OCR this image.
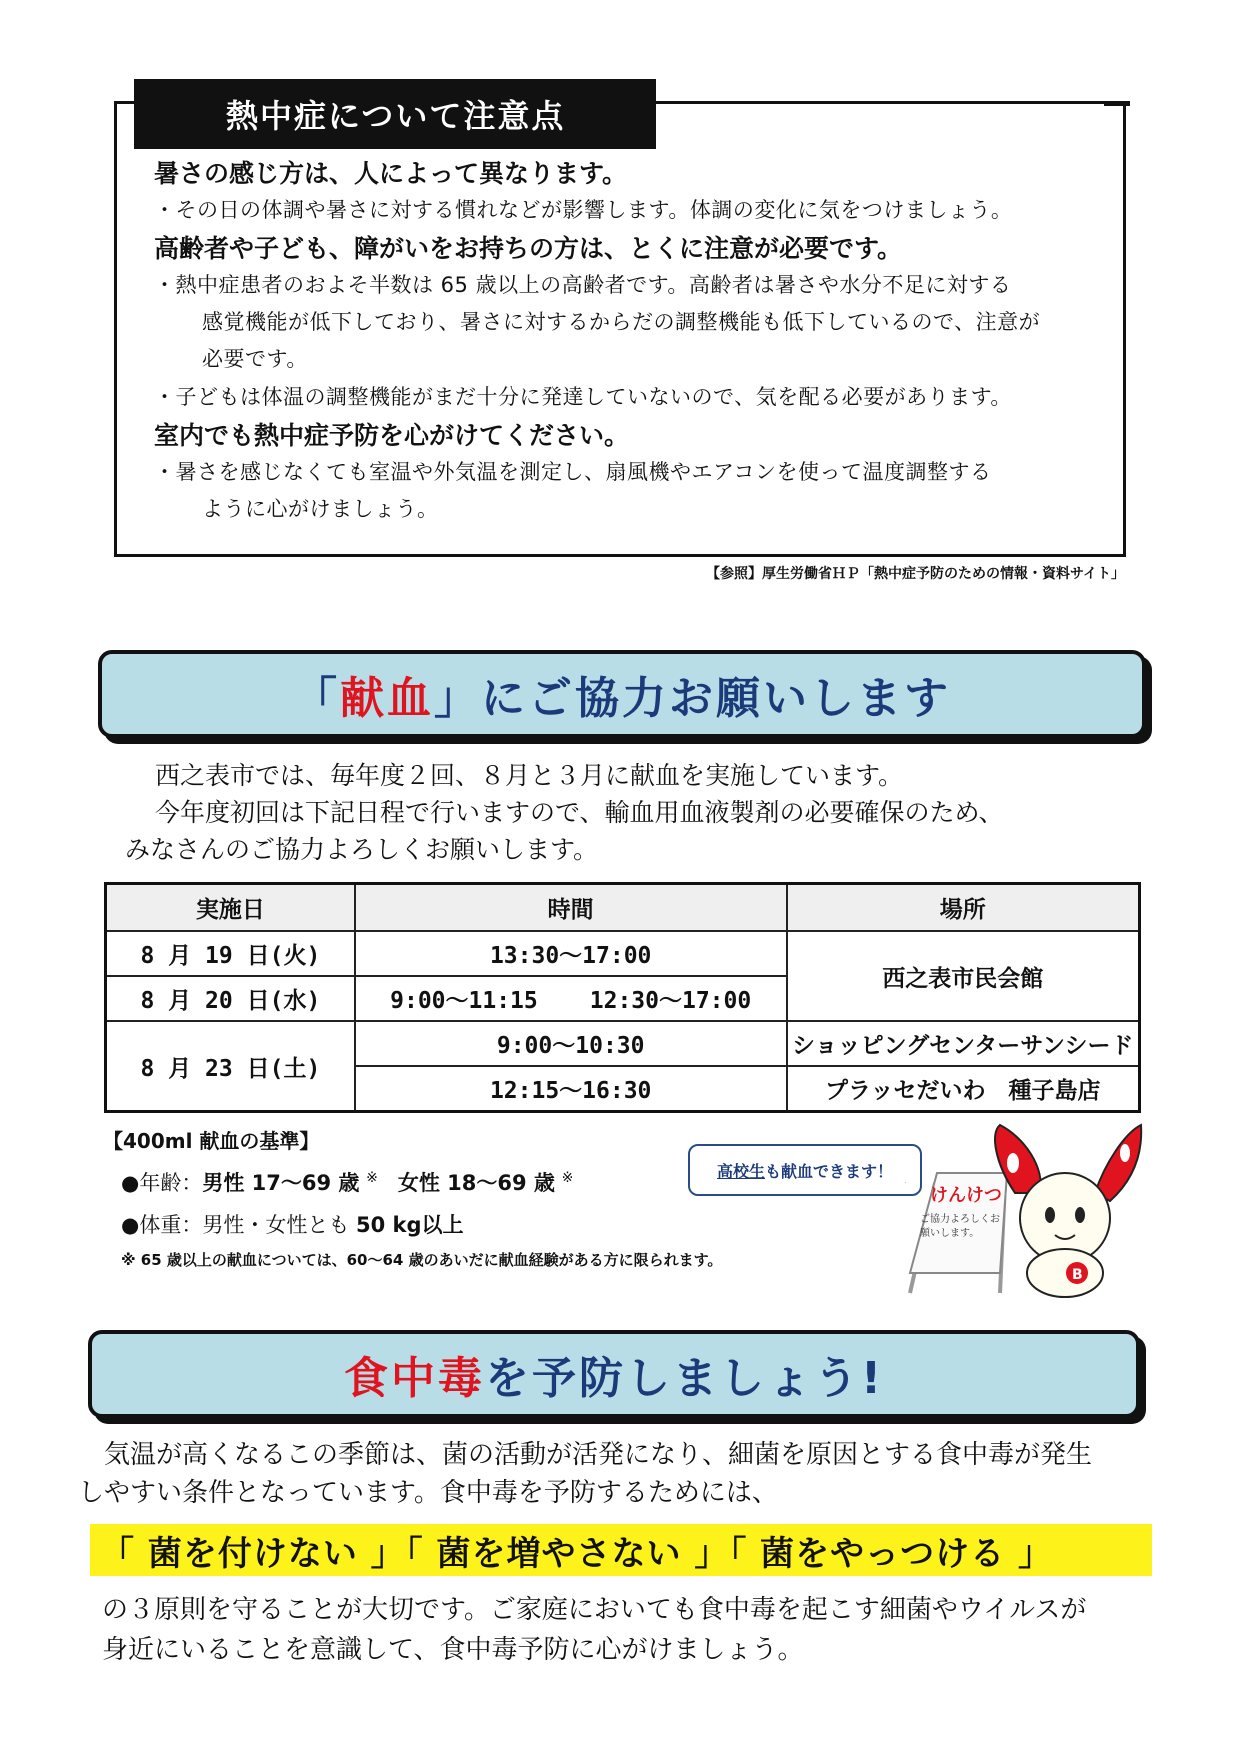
熱中症について注意点

暑さの感じ方は、人によって異なります。

・その日の体調や暑さに対する慣れなどが影響します。体調の変化に気をつけましょう。

高齢者や子ども、障がいをお持ちの方は、とくに注意が必要です。

・熱中症患者のおよそ半数は 65 歳以上の高齢者です。高齢者は暑さや水分不足に対する
感覚機能が低下しており、暑さに対するからだの調整機能も低下しているので、注意が
必要です。

・子どもは体温の調整機能がまだ十分に発達していないので、気を配る必要があります。

室内でも熱中症予防を心がけてください。

・暑さを感じなくても室温や外気温を測定し、扇風機やエアコンを使って温度調整する
ように心がけましょう。

【参照】厚生労働省ＨＰ「熱中症予防のための情報・資料サイト」
「 献血 」にご協力お願いします

西之表市では、毎年度２回、８月と３月に献血を実施しています。

今年度初回は下記日程で行いますので、輸血用血液製剤の必要確保のため、

みなさんのご協力よろしくお願いします。

実施日	時間	場所
8 月 19 日(火)	13:30～17:00	西之表市民会館
8 月 20 日(水)	9:00～11:15 12:30～17:00	
8 月 23 日(土)	9:00～10:30	ショッピングセンターサンシード
	12:15～16:30	プラッセだいわ　種子島店
【400ml 献血の基準】
●年齢：男性 17～69 歳 ※ 女性 18～69 歳 ※
●体重：男性・女性とも 50 kg以上
※ 65 歳以上の献血については、60～64 歳のあいだに献血経験がある方に限られます。
高校生 も献血できます！
けんけつ
ご協力よろしくお願いします。
B
食中毒 を予防しましょう!

気温が高くなるこの季節は、菌の活動が活発になり、細菌を原因とする食中毒が発生

しやすい条件となっています。食中毒を予防するためには、

「 菌を付けない 」「 菌を増やさない 」「 菌をやっつける 」

の３原則を守ることが大切です。ご家庭においても食中毒を起こす細菌やウイルスが

身近にいることを意識して、食中毒予防に心がけましょう。
